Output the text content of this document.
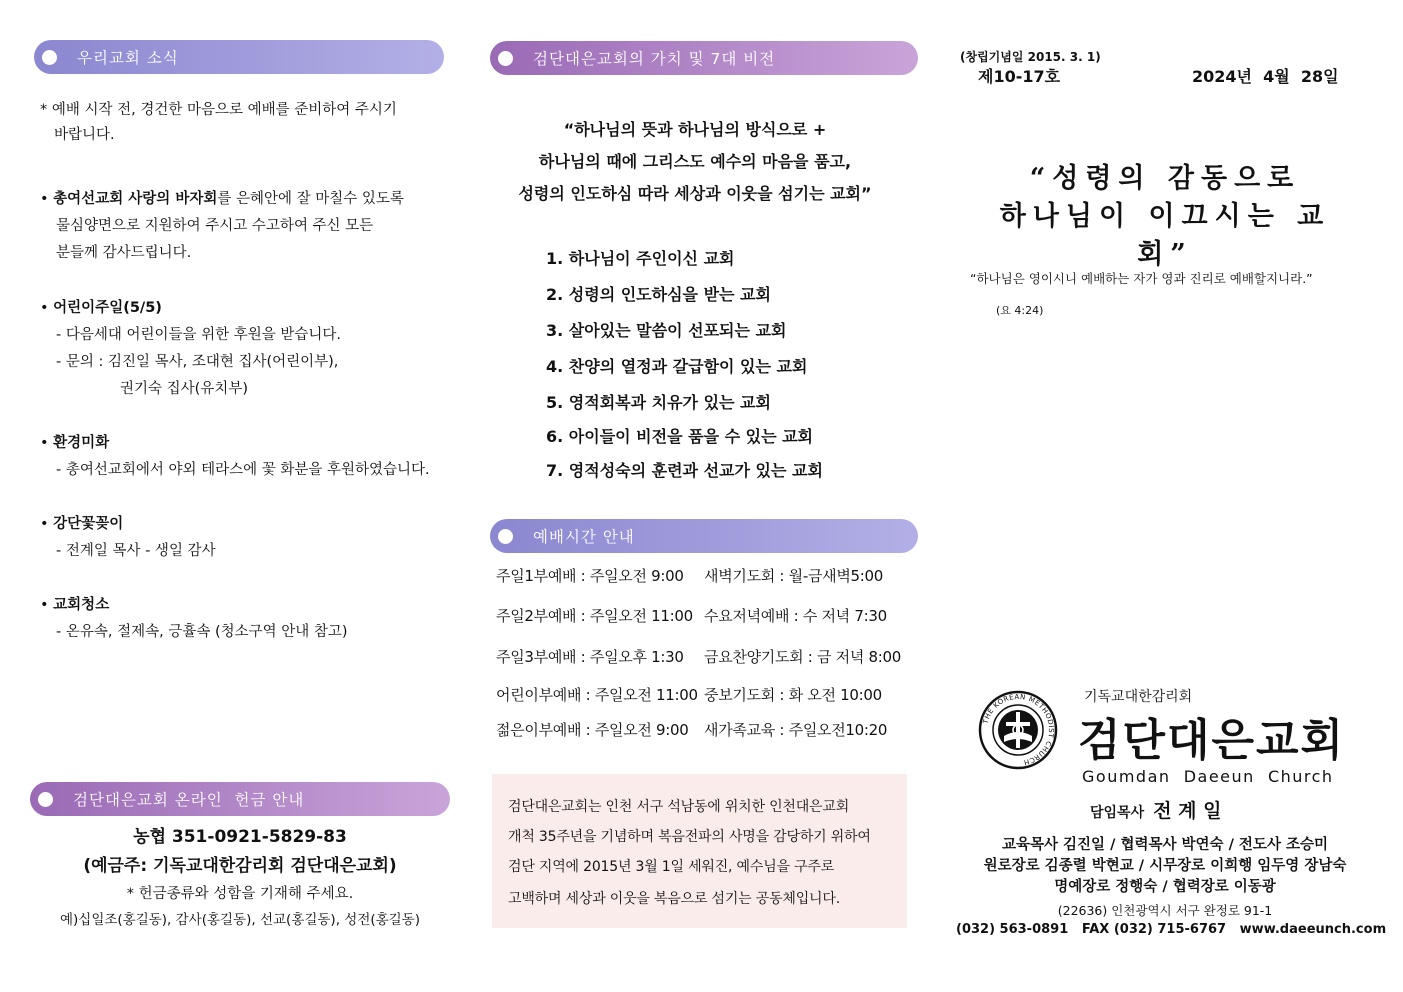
우리교회 소식
* 예배 시작 전, 경건한 마음으로 예배를 준비하여 주시기
바랍니다.
• 총여선교회 사랑의 바자회를 은혜안에 잘 마칠수 있도록
물심양면으로 지원하여 주시고 수고하여 주신 모든
분들께 감사드립니다.
• 어린이주일(5/5)
- 다음세대 어린이들을 위한 후원을 받습니다.
- 문의 : 김진일 목사, 조대현 집사(어린이부),
권기숙 집사(유치부)
• 환경미화
- 총여선교회에서 야외 테라스에 꽃 화분을 후원하였습니다.
• 강단꽃꽂이
- 전계일 목사 - 생일 감사
• 교회청소
- 온유속, 절제속, 긍휼속 (청소구역 안내 참고)
검단대은교회 온라인  헌금 안내
농협 351-0921-5829-83
(예금주: 기독교대한감리회 검단대은교회)
* 헌금종류와 성함을 기재해 주세요.
예)십일조(홍길동), 감사(홍길동), 선교(홍길동), 성전(홍길동)
검단대은교회의 가치 및 7대 비전
“하나님의 뜻과 하나님의 방식으로 +
하나님의 때에 그리스도 예수의 마음을 품고,
성령의 인도하심 따라 세상과 이웃을 섬기는 교회”
1. 하나님이 주인이신 교회
2. 성령의 인도하심을 받는 교회
3. 살아있는 말씀이 선포되는 교회
4. 찬양의 열정과 갈급함이 있는 교회
5. 영적회복과 치유가 있는 교회
6. 아이들이 비전을 품을 수 있는 교회
7. 영적성숙의 훈련과 선교가 있는 교회
예배시간 안내
주일1부예배 : 주일오전 9:00 새벽기도회 : 월-금새벽5:00
주일2부예배 : 주일오전 11:00 수요저녁예배 : 수 저녁 7:30
주일3부예배 : 주일오후 1:30 금요찬양기도회 : 금 저녁 8:00
어린이부예배 : 주일오전 11:00 중보기도회 : 화 오전 10:00
젊은이부예배 : 주일오전 9:00 새가족교육 : 주일오전10:20
검단대은교회는 인천 서구 석남동에 위치한 인천대은교회
개척 35주년을 기념하며 복음전파의 사명을 감당하기 위하여
검단 지역에 2015년 3월 1일 세워진, 예수님을 구주로
고백하며 세상과 이웃을 복음으로 섬기는 공동체입니다.
(창립기념일 2015. 3. 1)
제10-17호	2024년  4월  28일
“성령의 감동으로
하나님이 이끄시는 교회”
“하나님은 영이시니 예배하는 자가 영과 진리로 예배할지니라.”
(요 4:24)
THE KOREAN METHODIST CHURCH
기독교대한감리회
검단대은교회
Goumdan  Daeeun  Church
담임목사 전 계 일
교육목사 김진일 / 협력목사 박연숙 / 전도사 조승미
원로장로 김종렬 박현교 / 시무장로 이희행 임두영 장남숙
명예장로 정행숙 / 협력장로 이동광
(22636) 인천광역시 서구 완정로 91-1
(032) 563-0891   FAX (032) 715-6767   www.daeeunch.com
